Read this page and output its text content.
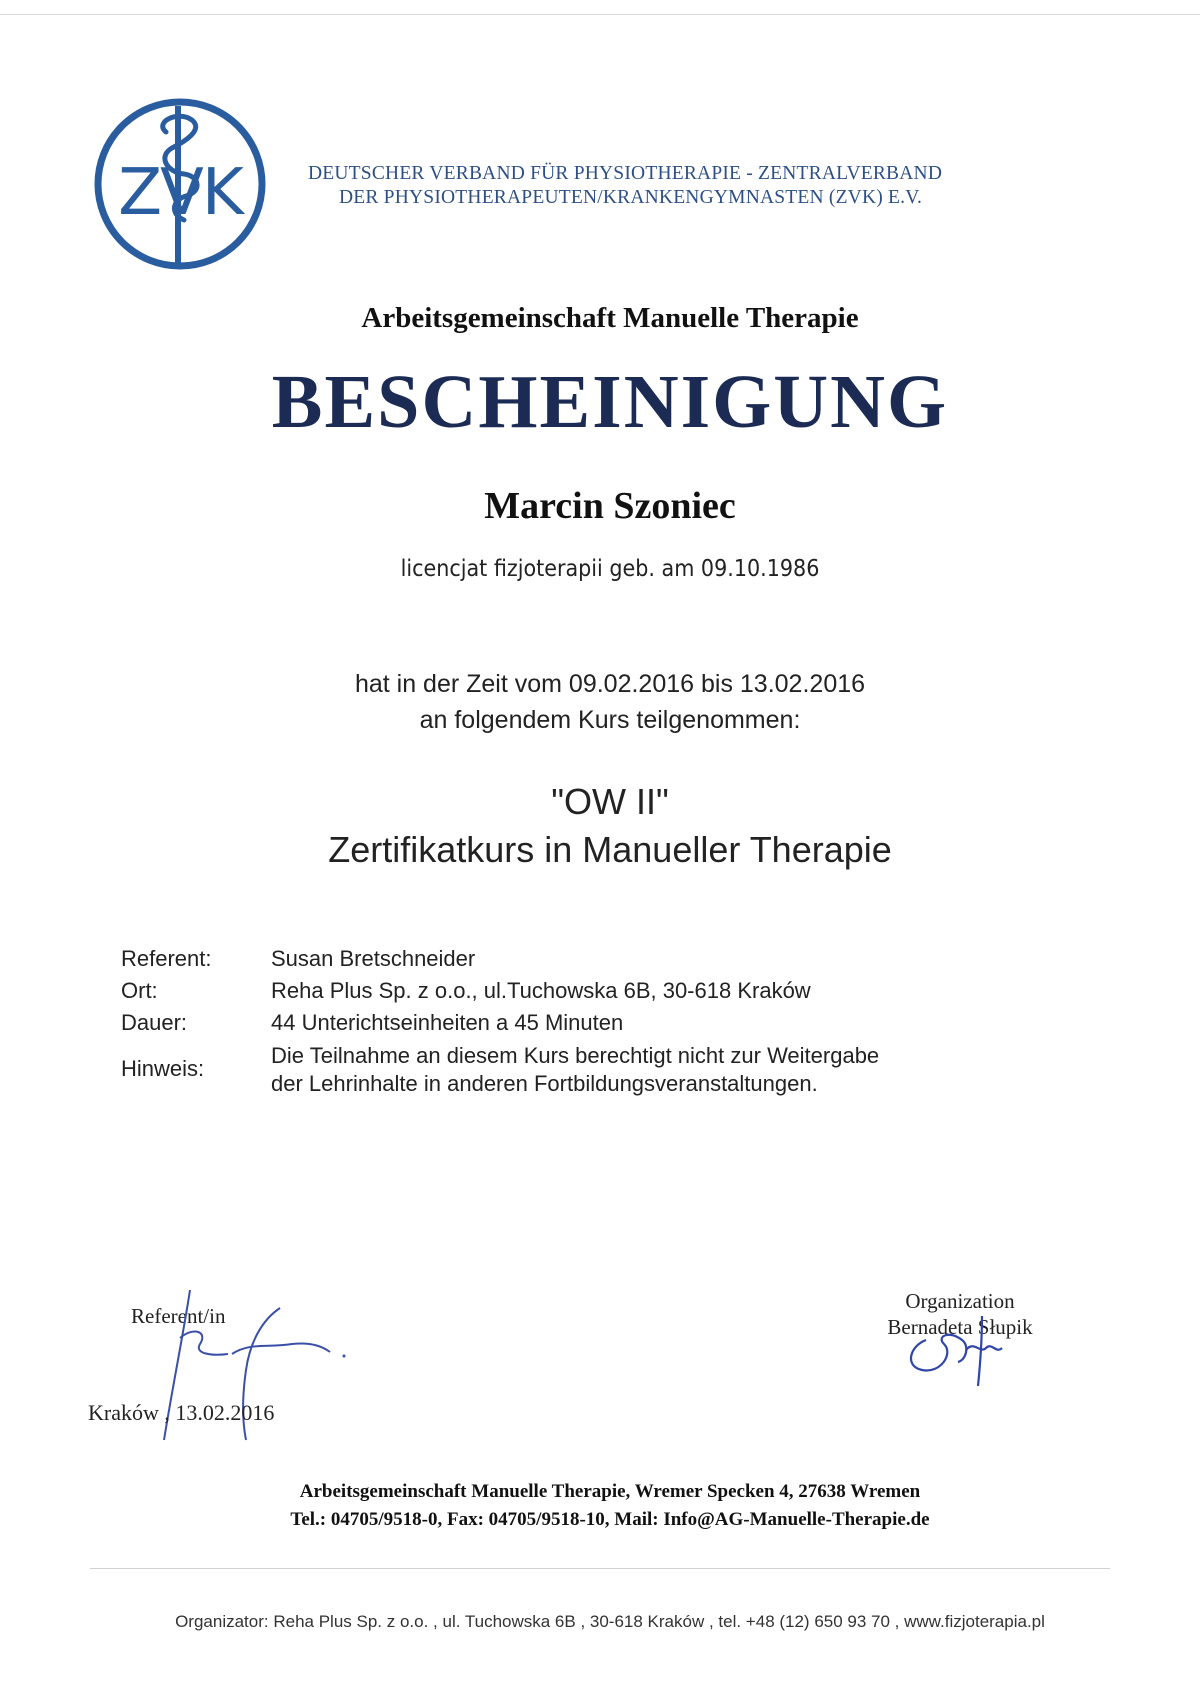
ZVK	DEUTSCHER VERBAND FÜR PHYSIOTHERAPIE - ZENTRALVERBAND
DER PHYSIOTHERAPEUTEN/KRANKENGYMNASTEN (ZVK) E.V.
Arbeitsgemeinschaft Manuelle Therapie
BESCHEINIGUNG
Marcin Szoniec
licencjat fizjoterapii geb. am 09.10.1986
hat in der Zeit vom 09.02.2016 bis 13.02.2016
an folgendem Kurs teilgenommen:
"OW II"
Zertifikatkurs in Manueller Therapie
Referent:	Susan Bretschneider
Ort:	Reha Plus Sp. z o.o., ul.Tuchowska 6B, 30-618 Kraków
Dauer:	44 Unterichtseinheiten a 45 Minuten
Hinweis:
Die Teilnahme an diesem Kurs berechtigt nicht zur Weitergabe
der Lehrinhalte in anderen Fortbildungsveranstaltungen.
Referent/in
Kraków , 13.02.2016
Organization
Bernadeta Słupik
Arbeitsgemeinschaft Manuelle Therapie, Wremer Specken 4, 27638 Wremen
Tel.: 04705/9518-0, Fax: 04705/9518-10, Mail: Info@AG-Manuelle-Therapie.de
Organizator: Reha Plus Sp. z o.o. , ul. Tuchowska 6B , 30-618 Kraków , tel. +48 (12) 650 93 70 , www.fizjoterapia.pl
